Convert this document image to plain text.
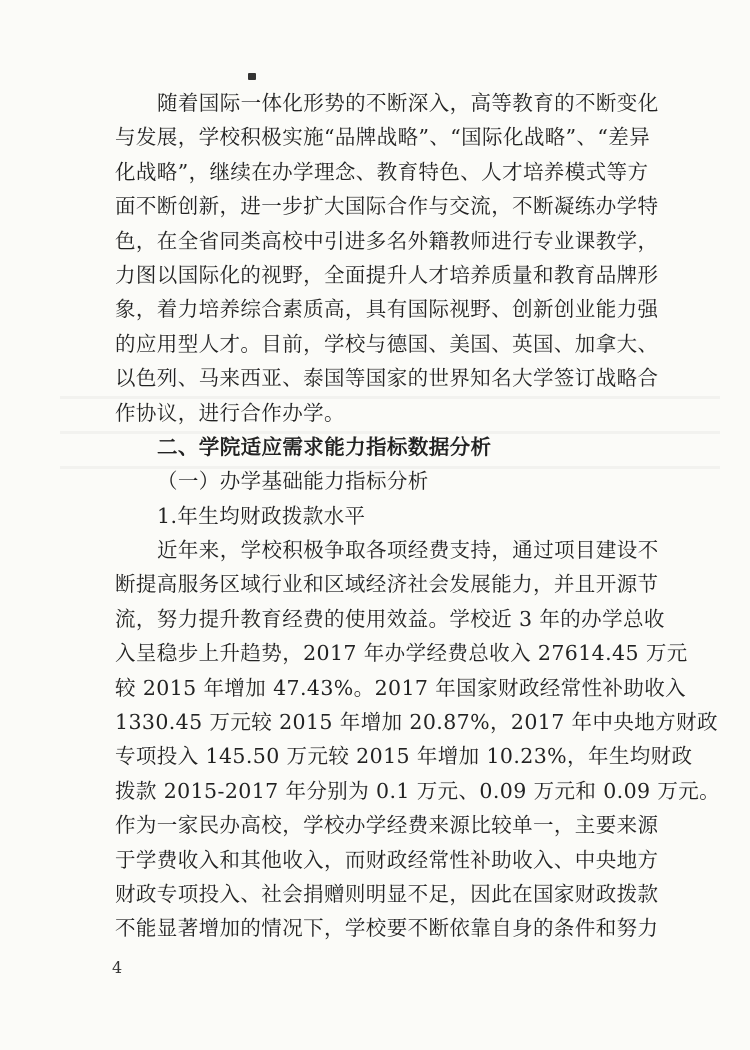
随着国际一体化形势的不断深入，高等教育的不断变化
与发展，学校积极实施“品牌战略”、“国际化战略”、“差异
化战略”，继续在办学理念、教育特色、人才培养模式等方
面不断创新，进一步扩大国际合作与交流，不断凝练办学特
色，在全省同类高校中引进多名外籍教师进行专业课教学，
力图以国际化的视野，全面提升人才培养质量和教育品牌形
象，着力培养综合素质高，具有国际视野、创新创业能力强
的应用型人才。目前，学校与德国、美国、英国、加拿大、
以色列、马来西亚、泰国等国家的世界知名大学签订战略合
作协议，进行合作办学。
二、学院适应需求能力指标数据分析
（一）办学基础能力指标分析
1.年生均财政拨款水平
近年来，学校积极争取各项经费支持，通过项目建设不
断提高服务区域行业和区域经济社会发展能力，并且开源节
流，努力提升教育经费的使用效益。学校近 3 年的办学总收
入呈稳步上升趋势，2017 年办学经费总收入 27614.45 万元
较 2015 年增加 47.43%。2017 年国家财政经常性补助收入
1330.45 万元较 2015 年增加 20.87%，2017 年中央地方财政
专项投入 145.50 万元较 2015 年增加 10.23%，年生均财政
拨款 2015-2017 年分别为 0.1 万元、0.09 万元和 0.09 万元。
作为一家民办高校，学校办学经费来源比较单一，主要来源
于学费收入和其他收入，而财政经常性补助收入、中央地方
财政专项投入、社会捐赠则明显不足，因此在国家财政拨款
不能显著增加的情况下，学校要不断依靠自身的条件和努力
4
